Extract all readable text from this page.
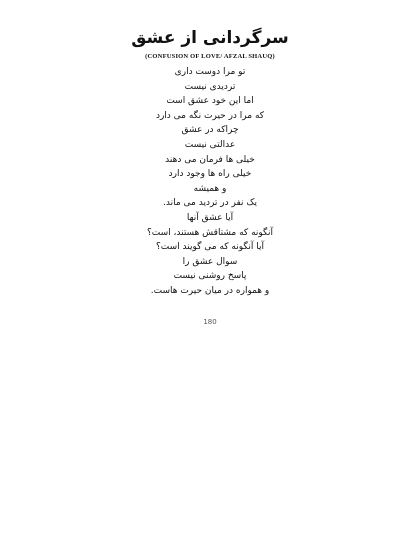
سرگردانی از عشق
(CONFUSION OF LOVE/ AFZAL SHAUQ)
تو مرا دوست داری
تردیدی نیست
اما این خود عشق است
که مرا در حیرت نگه می دارد
چراکه در عشق
عدالتی نیست
خیلی ها فرمان می دهند
خیلی راه ها وجود دارد
و همیشه
یک نفر در تردید می ماند.
آیا عشق آنها
آنگونه که مشتاقش هستند، است؟
آیا آنگونه که می گویند است؟
سوال عشق را
پاسخ روشنی نیست
و همواره در میان حیرت هاست.
180
